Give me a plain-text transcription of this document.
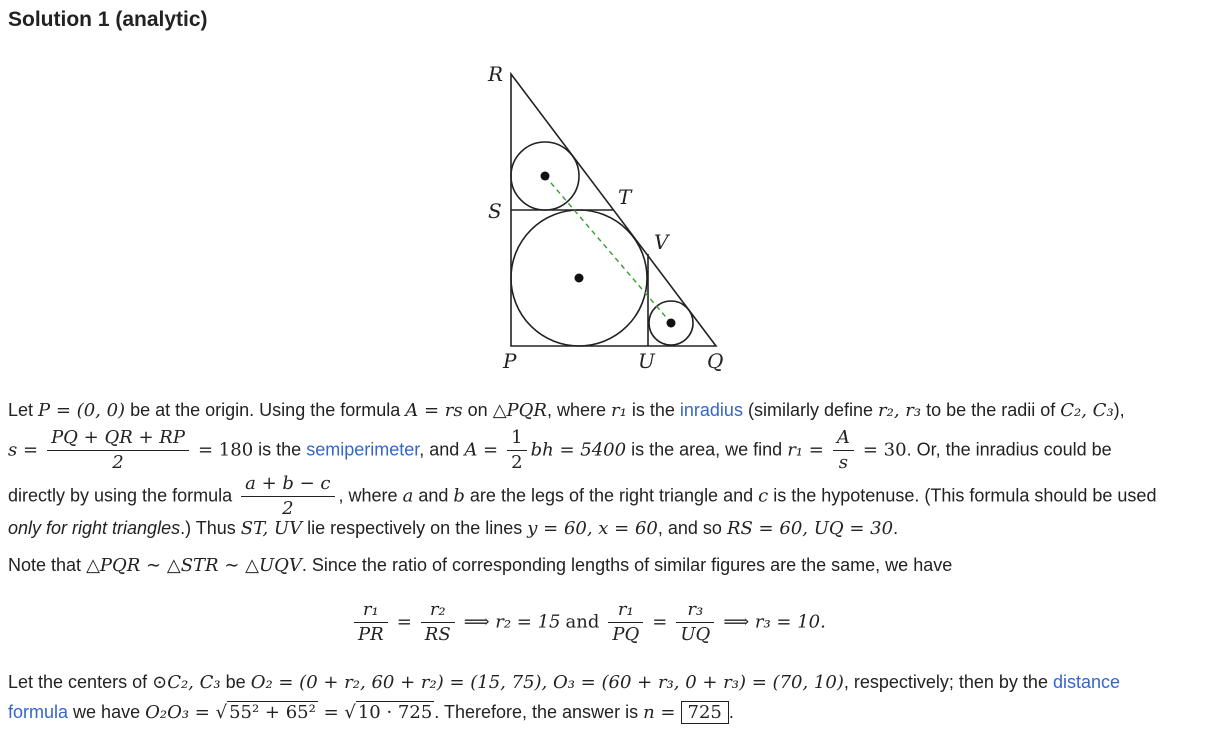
Solution 1 (analytic)
R
S
T
V
P	U	Q
Let P = (0, 0) be at the origin. Using the formula A = rs on △PQR, where r₁ is the inradius (similarly define r₂, r₃ to be the radii of C₂, C₃),
$s = \frac{PQ + QR + RP}{2} = 180$ is the semiperimeter, and $A = \frac{1}{2}$ bh = 5400 is the area, we find $r_1 = \frac{A}{s} = 30$. Or, the inradius could be
directly by using the formula $\frac{a + b - c}{2}$ , where a and b are the legs of the right triangle and c is the hypotenuse. (This formula should be used
only for right triangles.) Thus ST, UV lie respectively on the lines y = 60, x = 60, and so RS = 60, UQ = 30.
Note that △PQR ∼ △STR ∼ △UQV. Since the ratio of corresponding lengths of similar figures are the same, we have
$\frac{\text{r₁}}{PR} = \frac{\text{r₂}}{RS}$ ⟹ r₂ = 15 and $\frac{\text{r₁}}{PQ} = \frac{\text{r₃}}{UQ}$ ⟹ r₃ = 10.
Let the centers of ⊙C₂, C₃ be O₂ = (0 + r₂, 60 + r₂) = (15, 75), O₃ = (60 + r₃, 0 + r₃) = (70, 10), respectively; then by the distance
formula we have O₂O₃ = √ 55² + 65² = √ 10 · 725 . Therefore, the answer is n = 725 .
